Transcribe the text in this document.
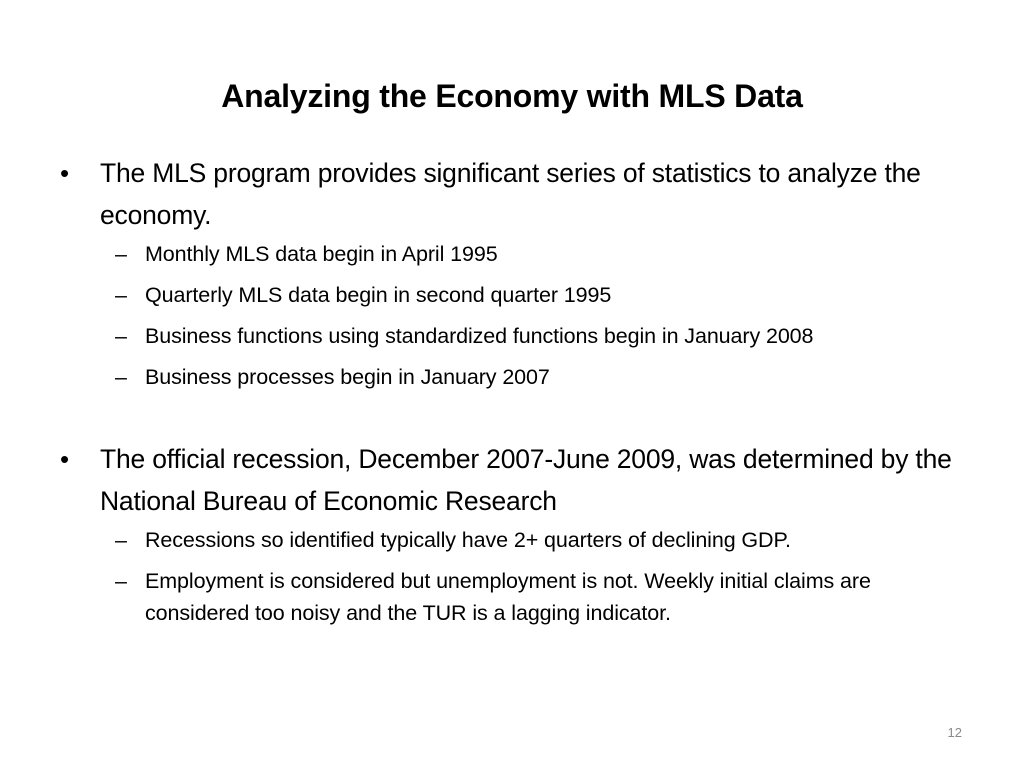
Analyzing the Economy with MLS Data
• The MLS program provides significant series of statistics to analyze the economy.
– Monthly MLS data begin in April 1995
– Quarterly MLS data begin in second quarter 1995
– Business functions using standardized functions begin in January 2008
– Business processes begin in January 2007
• The official recession, December 2007-June 2009, was determined by the National Bureau of Economic Research
– Recessions so identified typically have 2+ quarters of declining GDP.
– Employment is considered but unemployment is not. Weekly initial claims are considered too noisy and the TUR is a lagging indicator.
12
